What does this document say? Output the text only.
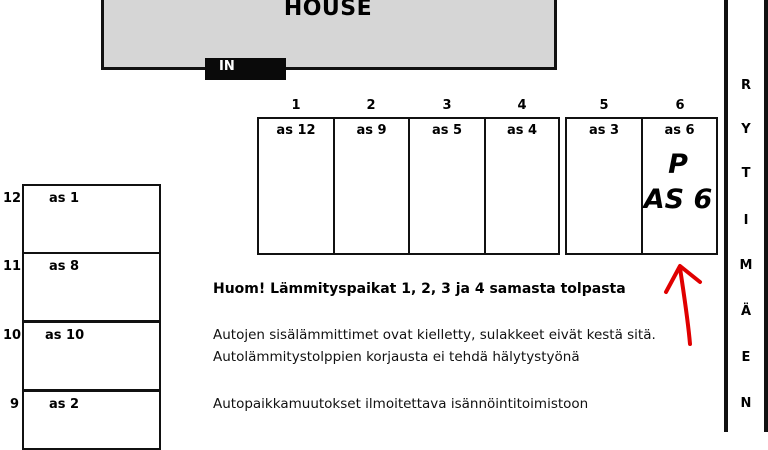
HOUSE
IN
1	2	3	4	5	6
as 12	as 9	as 5	as 4	as 3	as 6
P
AS 6
12 as 1
11 as 8
10 as 10
9 as 2
Huom! Lämmityspaikat 1, 2, 3 ja 4 samasta tolpasta
Autojen sisälämmittimet ovat kielletty, sulakkeet eivät kestä sitä.
Autolämmitystolppien korjausta ei tehdä hälytystyönä
Autopaikkamuutokset ilmoitettava isännöintitoimistoon
R
Y
T
I
M
Ä
E
N
